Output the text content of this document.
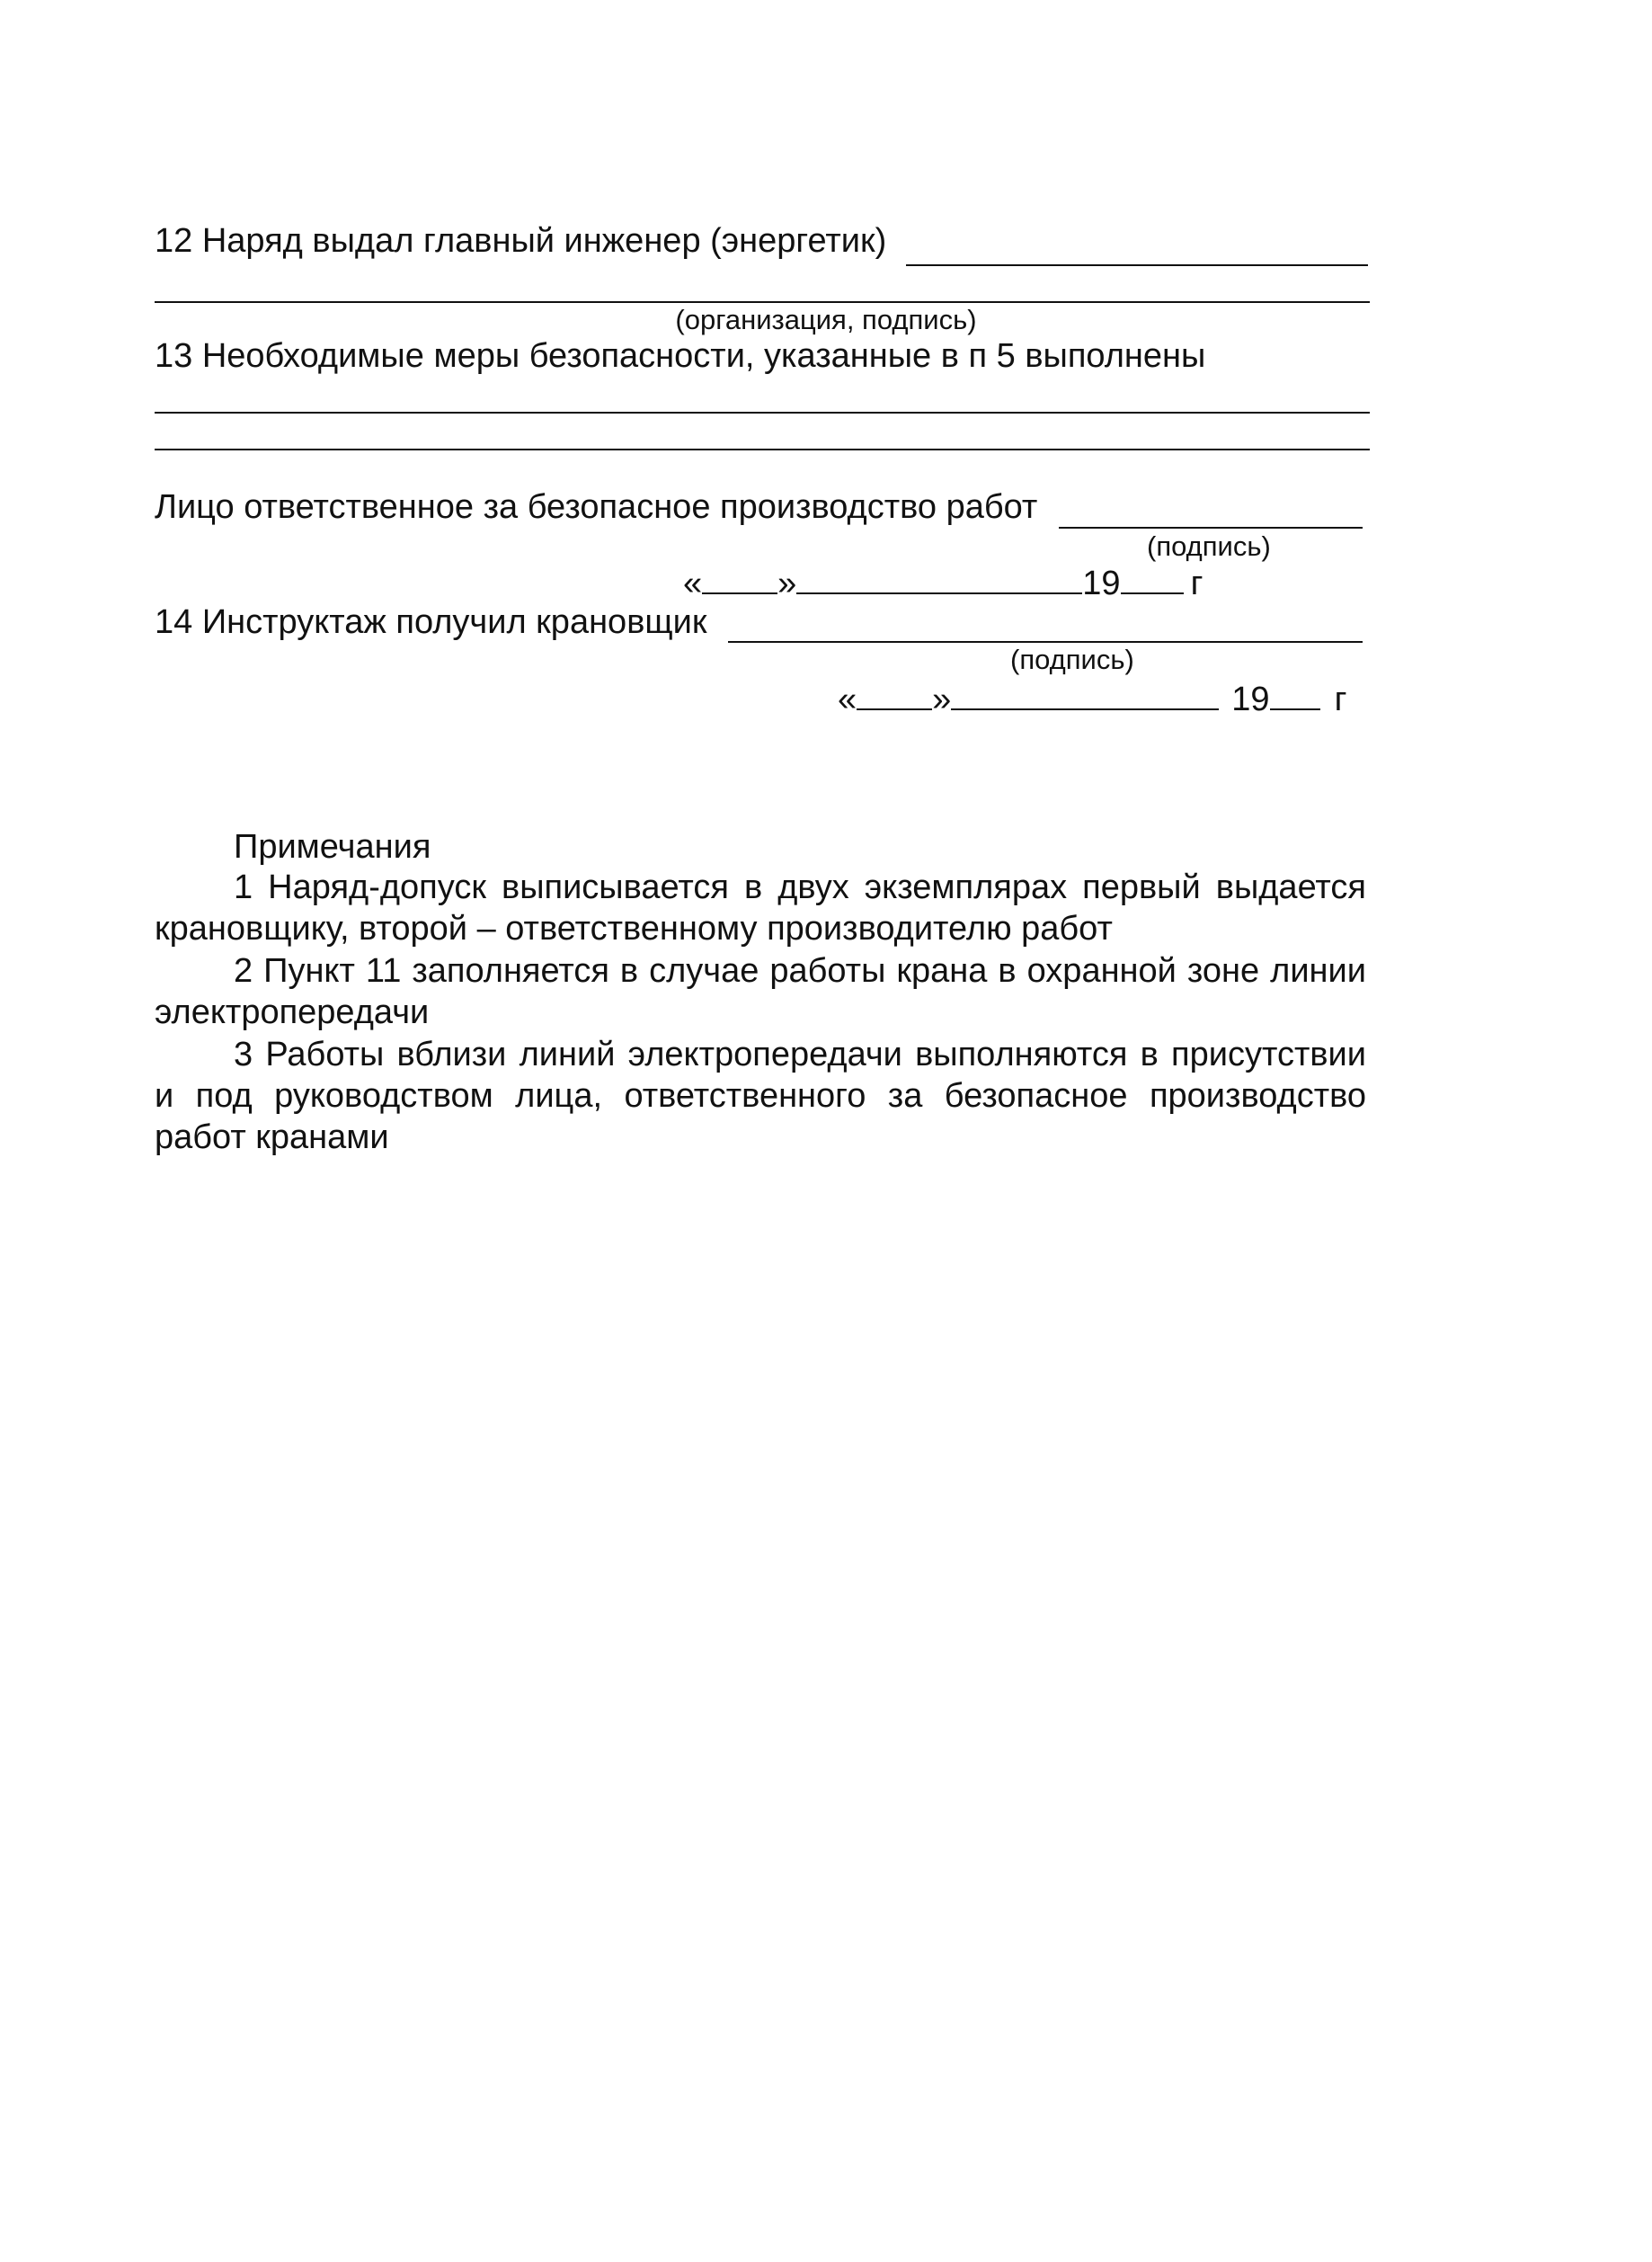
12 Наряд выдал главный инженер (энергетик)
(организация, подпись)
13 Необходимые меры безопасности, указанные в п 5 выполнены
Лицо ответственное за безопасное производство работ
(подпись)
« »	19 г
14 Инструктаж получил крановщик
(подпись)
« »	19 г
Примечания

1 Наряд-допуск выписывается в двух экземплярах первый выдается крановщику, второй – ответственному производителю работ

2 Пункт 11 заполняется в случае работы крана в охранной зоне линии электропередачи

3 Работы вблизи линий электропередачи выполняются в присутствии и под руководством лица, ответственного за безопасное производство работ кранами
